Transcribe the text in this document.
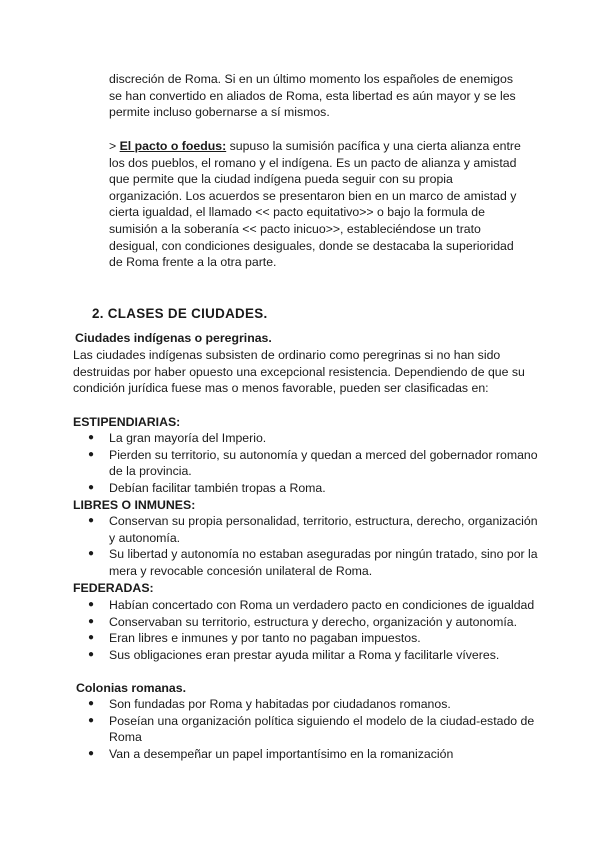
discreción de Roma. Si en un último momento los españoles de enemigos se han convertido en aliados de Roma, esta libertad es aún mayor y se les permite incluso gobernarse a sí mismos.

> El pacto o foedus: supuso la sumisión pacífica y una cierta alianza entre los dos pueblos, el romano y el indígena. Es un pacto de alianza y amistad que permite que la ciudad indígena pueda seguir con su propia organización. Los acuerdos se presentaron bien en un marco de amistad y cierta igualdad, el llamado << pacto equitativo>> o bajo la formula de sumisión a la soberanía << pacto inicuo>>, estableciéndose un trato desigual, con condiciones desiguales, donde se destacaba la superioridad de Roma frente a la otra parte.

2. CLASES DE CIUDADES.

Ciudades indígenas o peregrinas.

Las ciudades indígenas subsisten de ordinario como peregrinas si no han sido destruidas por haber opuesto una excepcional resistencia. Dependiendo de que su condición jurídica fuese mas o menos favorable, pueden ser clasificadas en:

ESTIPENDIARIAS:
● La gran mayoría del Imperio.
● Pierden su territorio, su autonomía y quedan a merced del gobernador romano de la provincia.
● Debían facilitar también tropas a Roma.
LIBRES O INMUNES:
● Conservan su propia personalidad, territorio, estructura, derecho, organización y autonomía.
● Su libertad y autonomía no estaban aseguradas por ningún tratado, sino por la mera y revocable concesión unilateral de Roma.
FEDERADAS:
● Habían concertado con Roma un verdadero pacto en condiciones de igualdad
● Conservaban su territorio, estructura y derecho, organización y autonomía.
● Eran libres e inmunes y por tanto no pagaban impuestos.
● Sus obligaciones eran prestar ayuda militar a Roma y facilitarle víveres.

Colonias romanas.

● Son fundadas por Roma y habitadas por ciudadanos romanos.
● Poseían una organización política siguiendo el modelo de la ciudad-estado de Roma
● Van a desempeñar un papel importantísimo en la romanización
